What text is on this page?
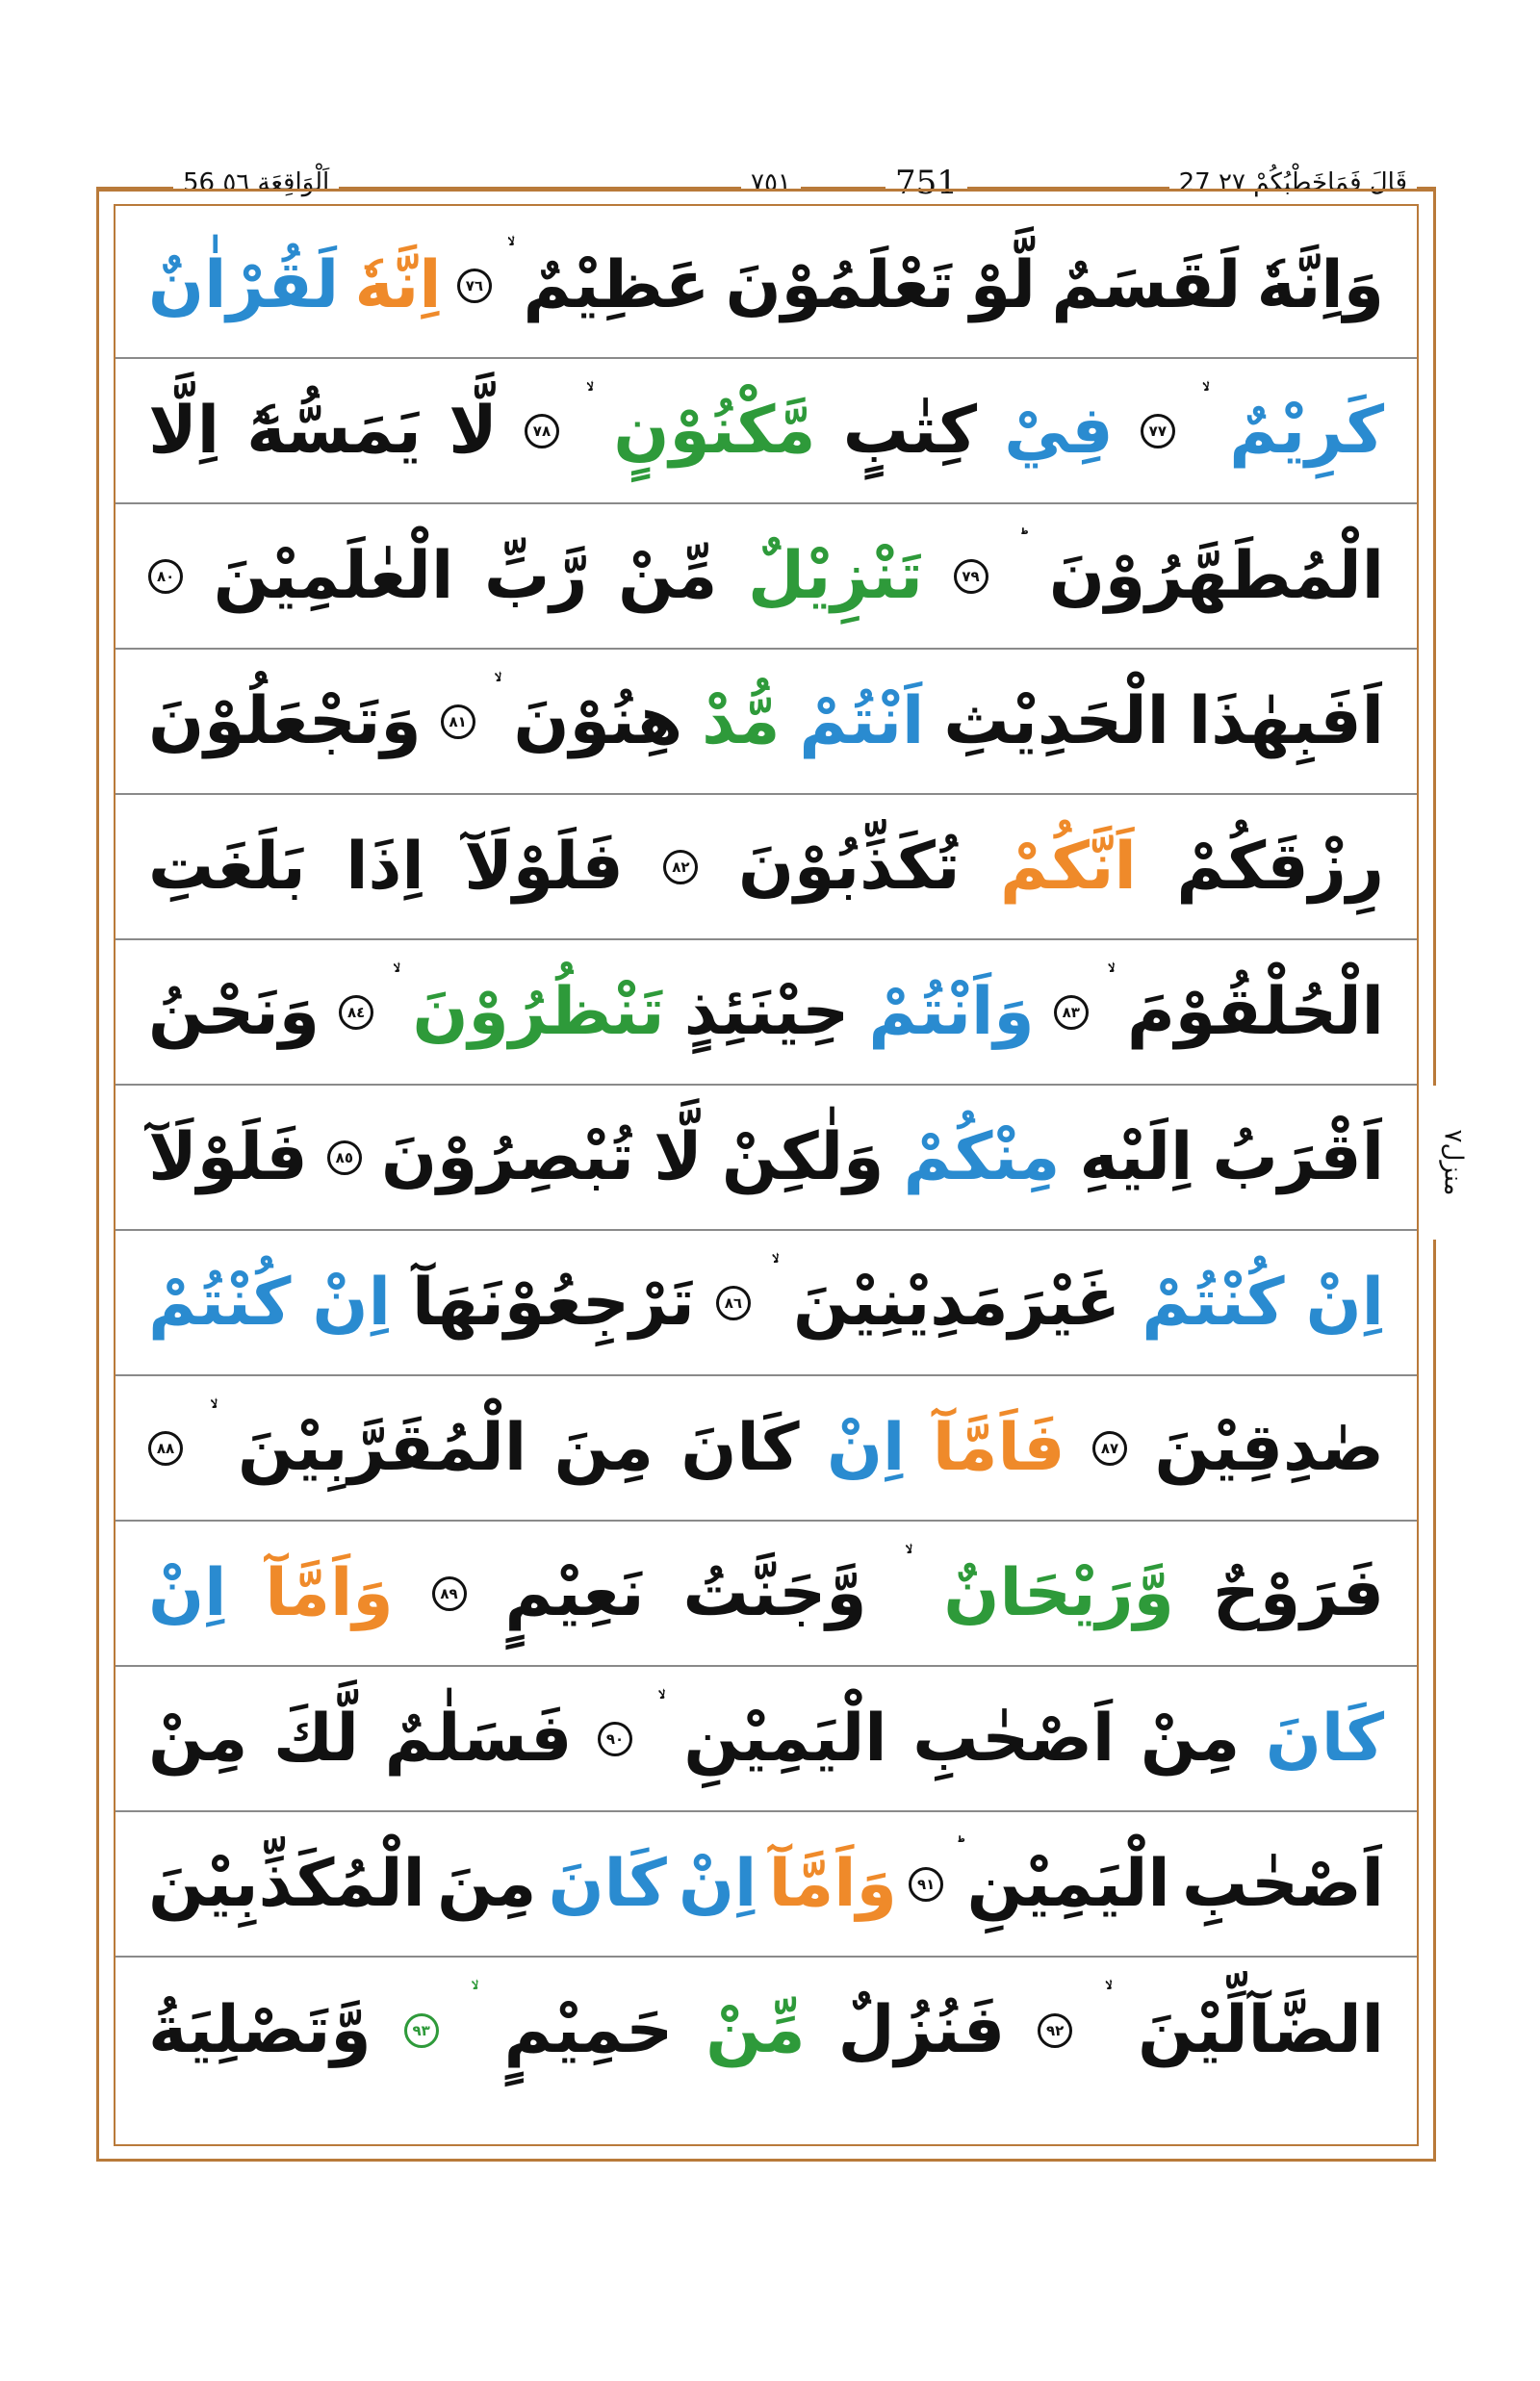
56 اَلْوَاقِعَة ٥٦	٧٥١	751	27 قَالَ فَمَاخَطْبُكُمْ ٢٧
منزل٧
وَاِنَّهٗ
لَقَسَمٌ
لَّوْ
تَعْلَمُوْنَ
عَظِيْمٌ
٧٦
اِنَّهٗ
لَقُرْاٰنٌ
كَرِيْمٌ
٧٧
فِيْ
كِتٰبٍ
مَّكْنُوْنٍ
٧٨
لَّا
يَمَسُّهٗٓ
اِلَّا
الْمُطَهَّرُوْنَ
٧٩
تَنْزِيْلٌ
مِّنْ
رَّبِّ
الْعٰلَمِيْنَ
٨٠
اَفَبِهٰذَا
الْحَدِيْثِ
اَنْتُمْ
مُّدْ
هِنُوْنَ
٨١
وَتَجْعَلُوْنَ
رِزْقَكُمْ
اَنَّكُمْ
تُكَذِّبُوْنَ
٨٢
فَلَوْلَآ
اِذَا
بَلَغَتِ
الْحُلْقُوْمَ
٨٣
وَاَنْتُمْ
حِيْنَئِذٍ
تَنْظُرُوْنَ
٨٤
وَنَحْنُ
اَقْرَبُ
اِلَيْهِ
مِنْكُمْ
وَلٰكِنْ
لَّا
تُبْصِرُوْنَ
٨٥
فَلَوْلَآ
اِنْ
كُنْتُمْ
غَيْرَمَدِيْنِيْنَ
٨٦
تَرْجِعُوْنَهَآ
اِنْ
كُنْتُمْ
صٰدِقِيْنَ
٨٧
فَاَمَّآ
اِنْ
كَانَ
مِنَ
الْمُقَرَّبِيْنَ
٨٨
فَرَوْحٌ
وَّرَيْحَانٌ
وَّجَنَّتُ
نَعِيْمٍ
٨٩
وَاَمَّآ
اِنْ
كَانَ
مِنْ
اَصْحٰبِ
الْيَمِيْنِ
٩٠
فَسَلٰمٌ
لَّكَ
مِنْ
اَصْحٰبِ
الْيَمِيْنِ
٩١
وَاَمَّآ
اِنْ
كَانَ
مِنَ
الْمُكَذِّبِيْنَ
الضَّآلِّيْنَ
٩٢
فَنُزُلٌ
مِّنْ
حَمِيْمٍ
٩٣
وَّتَصْلِيَةُ
